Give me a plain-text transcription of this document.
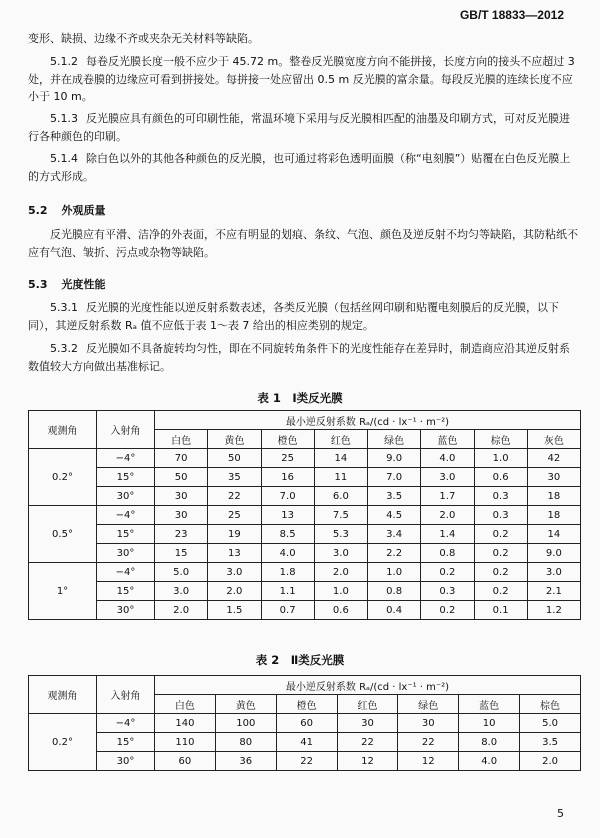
GB/T 18833—2012

变形、缺损、边缘不齐或夹杂无关材料等缺陷。

5.1.2 每卷反光膜长度一般不应少于 45.72 m。整卷反光膜宽度方向不能拼接，长度方向的接头不应超过 3 处，并在成卷膜的边缘应可看到拼接处。每拼接一处应留出 0.5 m 反光膜的富余量。每段反光膜的连续长度不应小于 10 m。

5.1.3 反光膜应具有颜色的可印刷性能，常温环境下采用与反光膜相匹配的油墨及印刷方式，可对反光膜进行各种颜色的印刷。

5.1.4 除白色以外的其他各种颜色的反光膜，也可通过将彩色透明面膜（称“电刻膜”）贴覆在白色反光膜上的方式形成。

5.2 外观质量

反光膜应有平滑、洁净的外表面，不应有明显的划痕、条纹、气泡、颜色及逆反射不均匀等缺陷，其防粘纸不应有气泡、皱折、污点或杂物等缺陷。

5.3 光度性能

5.3.1 反光膜的光度性能以逆反射系数表述，各类反光膜（包括丝网印刷和贴覆电刻膜后的反光膜，以下同），其逆反射系数 Rₐ 值不应低于表 1～表 7 给出的相应类别的规定。

5.3.2 反光膜如不具备旋转均匀性，即在不同旋转角条件下的光度性能存在差异时，制造商应沿其逆反射系数值较大方向做出基准标记。

表 1　Ⅰ类反光膜
观测角	入射角	最小逆反射系数 Rₐ/(cd · lx⁻¹ · m⁻²)							
		白色	黄色	橙色	红色	绿色	蓝色	棕色	灰色
0.2°	−4°	70	50	25	14	9.0	4.0	1.0	42
	15°	50	35	16	11	7.0	3.0	0.6	30
	30°	30	22	7.0	6.0	3.5	1.7	0.3	18
0.5°	−4°	30	25	13	7.5	4.5	2.0	0.3	18
	15°	23	19	8.5	5.3	3.4	1.4	0.2	14
	30°	15	13	4.0	3.0	2.2	0.8	0.2	9.0
1°	−4°	5.0	3.0	1.8	2.0	1.0	0.2	0.2	3.0
	15°	3.0	2.0	1.1	1.0	0.8	0.3	0.2	2.1
	30°	2.0	1.5	0.7	0.6	0.4	0.2	0.1	1.2
表 2　Ⅱ类反光膜
观测角	入射角	最小逆反射系数 Rₐ/(cd · lx⁻¹ · m⁻²)						
		白色	黄色	橙色	红色	绿色	蓝色	棕色
0.2°	−4°	140	100	60	30	30	10	5.0
	15°	110	80	41	22	22	8.0	3.5
	30°	60	36	22	12	12	4.0	2.0
5
